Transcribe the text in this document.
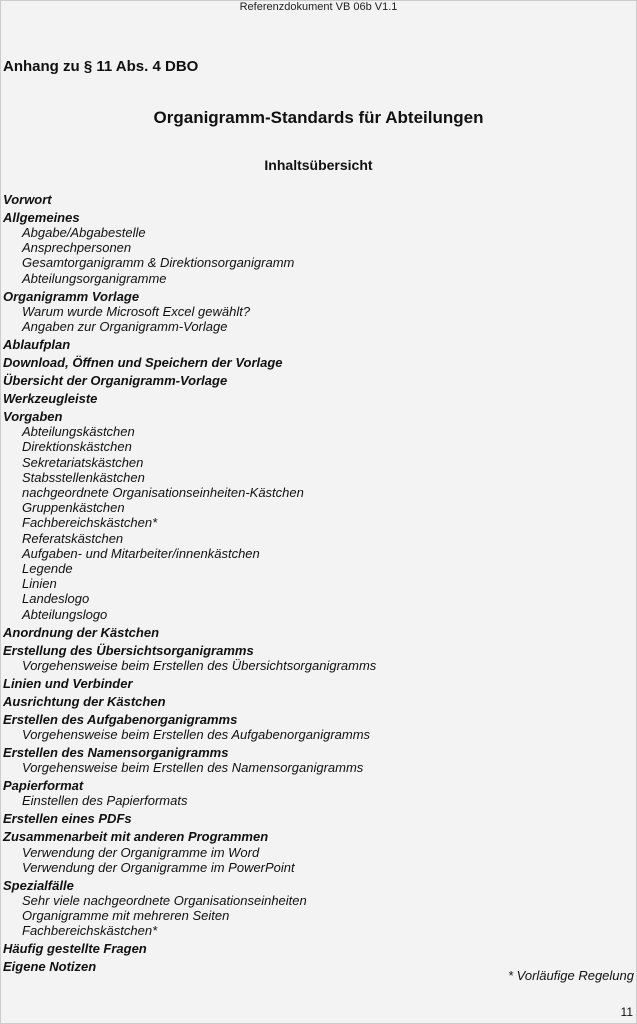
Referenzdokument VB 06b V1.1
Anhang zu § 11 Abs. 4 DBO
Organigramm-Standards für Abteilungen
Inhaltsübersicht
Vorwort
Allgemeines
Abgabe/Abgabestelle
Ansprechpersonen
Gesamtorganigramm & Direktionsorganigramm
Abteilungsorganigramme
Organigramm Vorlage
Warum wurde Microsoft Excel gewählt?
Angaben zur Organigramm-Vorlage
Ablaufplan
Download, Öffnen und Speichern der Vorlage
Übersicht der Organigramm-Vorlage
Werkzeugleiste
Vorgaben
Abteilungskästchen
Direktionskästchen
Sekretariatskästchen
Stabsstellenkästchen
nachgeordnete Organisationseinheiten-Kästchen
Gruppenkästchen
Fachbereichskästchen*
Referatskästchen
Aufgaben- und Mitarbeiter/innenkästchen
Legende
Linien
Landeslogo
Abteilungslogo
Anordnung der Kästchen
Erstellung des Übersichtsorganigramms
Vorgehensweise beim Erstellen des Übersichtsorganigramms
Linien und Verbinder
Ausrichtung der Kästchen
Erstellen des Aufgabenorganigramms
Vorgehensweise beim Erstellen des Aufgabenorganigramms
Erstellen des Namensorganigramms
Vorgehensweise beim Erstellen des Namensorganigramms
Papierformat
Einstellen des Papierformats
Erstellen eines PDFs
Zusammenarbeit mit anderen Programmen
Verwendung der Organigramme im Word
Verwendung der Organigramme im PowerPoint
Spezialfälle
Sehr viele nachgeordnete Organisationseinheiten
Organigramme mit mehreren Seiten
Fachbereichskästchen*
Häufig gestellte Fragen
Eigene Notizen
* Vorläufige Regelung
11
